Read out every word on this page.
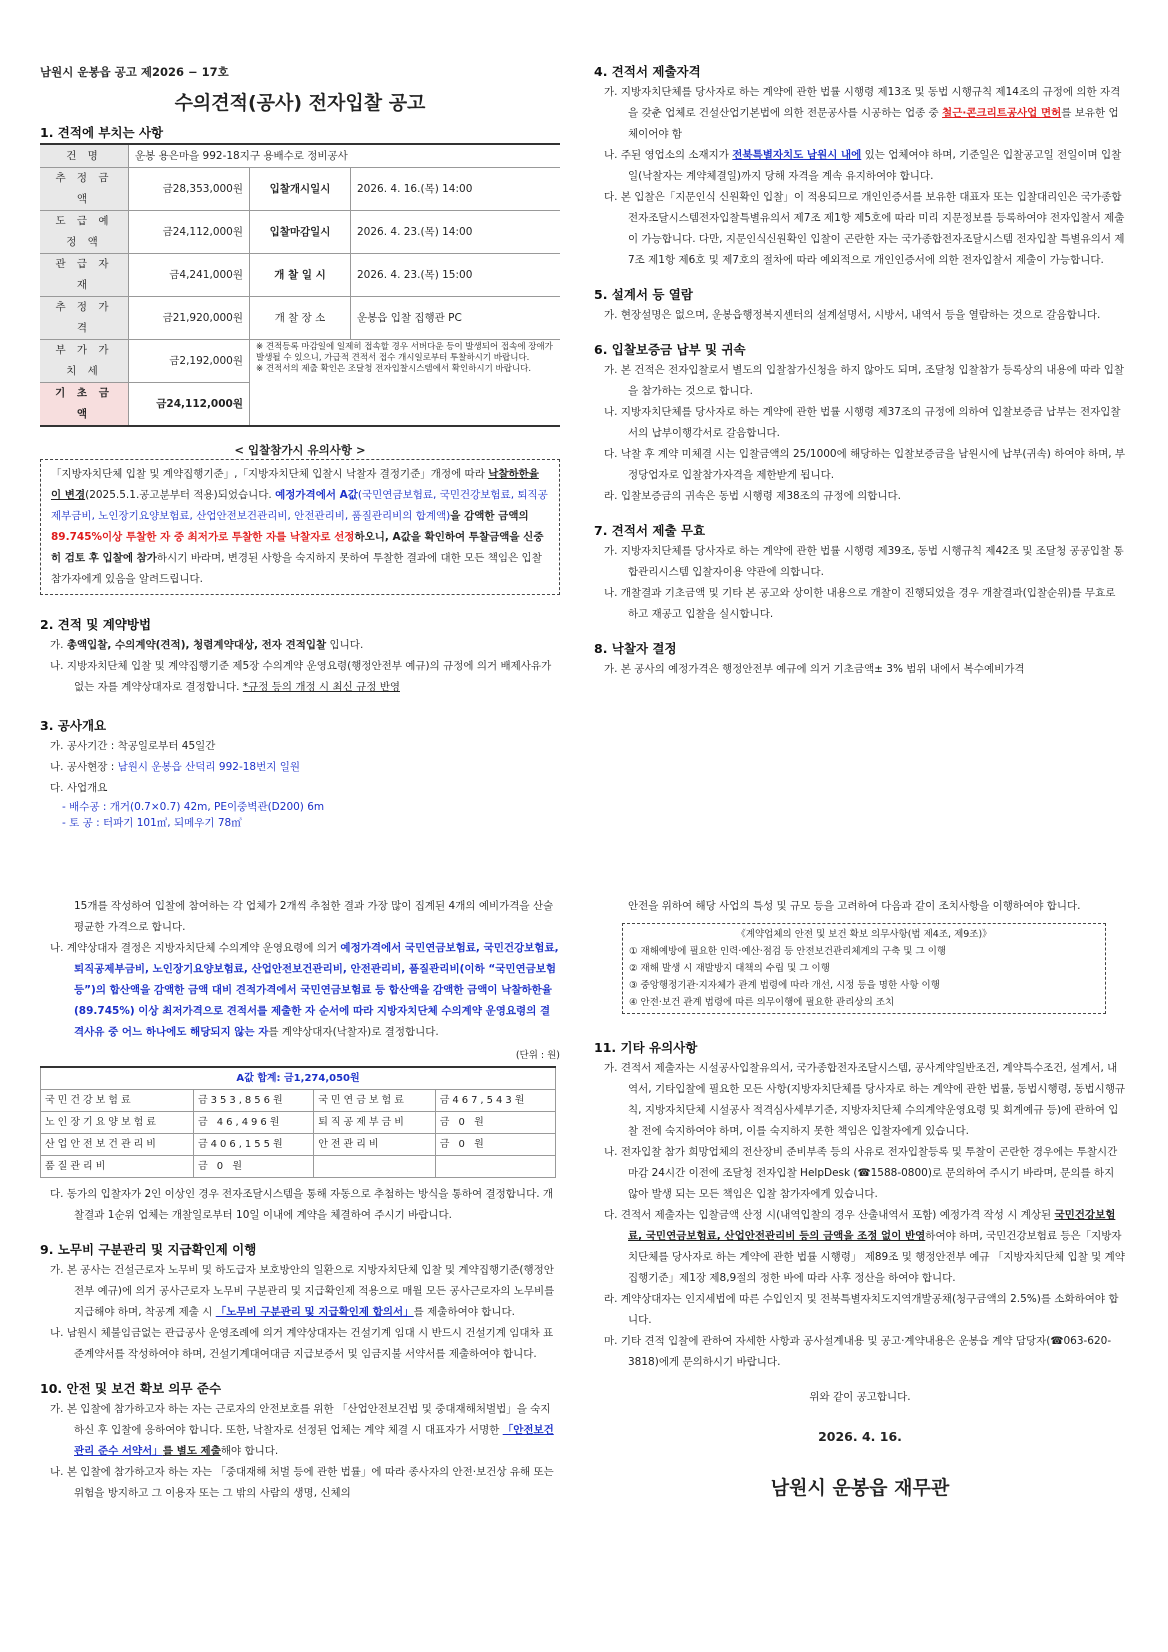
남원시 운봉읍 공고 제2026 − 17호
수의견적(공사) 전자입찰 공고
1. 견적에 부치는 사항
건 명	운봉 용은마을 992-18지구 용배수로 정비공사		
추 정 금 액	금28,353,000원	입찰개시일시	2026. 4. 16.(목) 14:00
도 급 예 정 액	금24,112,000원	입찰마감일시	2026. 4. 23.(목) 14:00
관 급 자 재	금4,241,000원	개 찰 일 시	2026. 4. 23.(목) 15:00
추 정 가 격	금21,920,000원	개 찰 장 소	운봉읍 입찰 집행관 PC
부 가 가 치 세	금2,192,000원	※ 견적등록 마감일에 일제히 접속할 경우 서버다운 등이 발생되어 접속에 장애가 발생될 수 있으니, 가급적 견적서 접수 개시일로부터 투찰하시기 바랍니다.
※ 견적서의 제출 확인은 조달청 전자입찰시스템에서 확인하시기 바랍니다.	

기 초 금 액	금24,112,000원		
< 입찰참가시 유의사항 >
「지방자치단체 입찰 및 계약집행기준」,「지방자치단체 입찰시 낙찰자 결정기준」개정에 따라 낙찰하한율이 변경(2025.5.1.공고분부터 적용)되었습니다. 예정가격에서 A값(국민연금보험료, 국민건강보험료, 퇴직공제부금비, 노인장기요양보험료, 산업안전보건관리비, 안전관리비, 품질관리비의 합계액)을 감액한 금액의 89.745%이상 투찰한 자 중 최저가로 투찰한 자를 낙찰자로 선정하오니, A값을 확인하여 투찰금액을 신중히 검토 후 입찰에 참가하시기 바라며, 변경된 사항을 숙지하지 못하여 투찰한 결과에 대한 모든 책임은 입찰참가자에게 있음을 알려드립니다.
2. 견적 및 계약방법

가. 총액입찰, 수의계약(견적), 청렴계약대상, 전자 견적입찰 입니다.

나. 지방자치단체 입찰 및 계약집행기준 제5장 수의계약 운영요령(행정안전부 예규)의 규정에 의거 배제사유가 없는 자를 계약상대자로 결정합니다. *규정 등의 개정 시 최신 규정 반영

3. 공사개요

가. 공사기간 : 착공일로부터 45일간

나. 공사현장 : 남원시 운봉읍 산덕리 992-18번지 일원

다. 사업개요

- 배수공 : 개거(0.7×0.7) 42m, PE이중벽관(D200) 6m

- 토 공 : 터파기 101㎥, 되메우기 78㎥

4. 견적서 제출자격

가. 지방자치단체를 당사자로 하는 계약에 관한 법률 시행령 제13조 및 동법 시행규칙 제14조의 규정에 의한 자격을 갖춘 업체로 건설산업기본법에 의한 전문공사를 시공하는 업종 중 철근·콘크리트공사업 면허를 보유한 업체이어야 함

나. 주된 영업소의 소재지가 전북특별자치도 남원시 내에 있는 업체여야 하며, 기준일은 입찰공고일 전일이며 입찰일(낙찰자는 계약체결일)까지 당해 자격을 계속 유지하여야 합니다.

다. 본 입찰은「지문인식 신원확인 입찰」이 적용되므로 개인인증서를 보유한 대표자 또는 입찰대리인은 국가종합전자조달시스템전자입찰특별유의서 제7조 제1항 제5호에 따라 미리 지문정보를 등록하여야 전자입찰서 제출이 가능합니다. 다만, 지문인식신원확인 입찰이 곤란한 자는 국가종합전자조달시스템 전자입찰 특별유의서 제7조 제1항 제6호 및 제7호의 절차에 따라 예외적으로 개인인증서에 의한 전자입찰서 제출이 가능합니다.

5. 설계서 등 열람

가. 현장설명은 없으며, 운봉읍행정복지센터의 설계설명서, 시방서, 내역서 등을 열람하는 것으로 갈음합니다.

6. 입찰보증금 납부 및 귀속

가. 본 건적은 전자입찰로서 별도의 입찰참가신청을 하지 않아도 되며, 조달청 입찰참가 등록상의 내용에 따라 입찰을 참가하는 것으로 합니다.

나. 지방자치단체를 당사자로 하는 계약에 관한 법률 시행령 제37조의 규정에 의하여 입찰보증금 납부는 전자입찰서의 납부이행각서로 갈음합니다.

다. 낙찰 후 계약 미체결 시는 입찰금액의 25/1000에 해당하는 입찰보증금을 남원시에 납부(귀속) 하여야 하며, 부정당업자로 입찰참가자격을 제한받게 됩니다.

라. 입찰보증금의 귀속은 동법 시행령 제38조의 규정에 의합니다.

7. 견적서 제출 무효

가. 지방자치단체를 당사자로 하는 계약에 관한 법률 시행령 제39조, 동법 시행규칙 제42조 및 조달청 공공입찰 통합관리시스템 입찰자이용 약관에 의합니다.

나. 개찰결과 기초금액 및 기타 본 공고와 상이한 내용으로 개찰이 진행되었을 경우 개찰결과(입찰순위)를 무효로 하고 재공고 입찰을 실시합니다.

8. 낙찰자 결정

가. 본 공사의 예정가격은 행정안전부 예규에 의거 기초금액± 3% 범위 내에서 복수예비가격

15개를 작성하여 입찰에 참여하는 각 업체가 2개씩 추첨한 결과 가장 많이 집계된 4개의 예비가격을 산술 평균한 가격으로 합니다.

나. 계약상대자 결정은 지방자치단체 수의계약 운영요령에 의거 예정가격에서 국민연금보험료, 국민건강보험료, 퇴직공제부금비, 노인장기요양보험료, 산업안전보건관리비, 안전관리비, 품질관리비(이하 “국민연금보험 등”)의 합산액을 감액한 금액 대비 견적가격에서 국민연금보험료 등 합산액을 감액한 금액이 낙찰하한율(89.745%) 이상 최저가격으로 견적서를 제출한 자 순서에 따라 지방자치단체 수의계약 운영요령의 결격사유 중 어느 하나에도 해당되지 않는 자를 계약상대자(낙찰자)로 결정합니다.

(단위 : 원)
A값 합계: 금1,274,050원			
국민건강보험료	금353,856원	국민연금보험료	금467,543원
노인장기요양보험료	금 46,496원	퇴직공제부금비	금 0 원
산업안전보건관리비	금406,155원	안전관리비	금 0 원
품질관리비	금 0 원		

다. 동가의 입찰자가 2인 이상인 경우 전자조달시스템을 통해 자동으로 추첨하는 방식을 통하여 결정합니다. 개찰결과 1순위 업체는 개찰일로부터 10일 이내에 계약을 체결하여 주시기 바랍니다.

9. 노무비 구분관리 및 지급확인제 이행

가. 본 공사는 건설근로자 노무비 및 하도급자 보호방안의 일환으로 지방자치단체 입찰 및 계약집행기준(행정안전부 예규)에 의거 공사근로자 노무비 구분관리 및 지급확인제 적용으로 매월 모든 공사근로자의 노무비를 지급해야 하며, 착공계 제출 시 「노무비 구분관리 및 지급확인제 합의서」를 제출하여야 합니다.

나. 남원시 체불임금없는 관급공사 운영조례에 의거 계약상대자는 건설기계 임대 시 반드시 건설기계 임대차 표준계약서를 작성하여야 하며, 건설기계대여대금 지급보증서 및 임금지불 서약서를 제출하여야 합니다.

10. 안전 및 보건 확보 의무 준수

가. 본 입찰에 참가하고자 하는 자는 근로자의 안전보호를 위한 「산업안전보건법 및 중대재해처벌법」을 숙지하신 후 입찰에 응하여야 합니다. 또한, 낙찰자로 선정된 업체는 계약 체결 시 대표자가 서명한 「안전보건관리 준수 서약서」를 별도 제출해야 합니다.

나. 본 입찰에 참가하고자 하는 자는 「중대재해 처벌 등에 관한 법률」에 따라 종사자의 안전·보건상 유해 또는 위험을 방지하고 그 이용자 또는 그 밖의 사람의 생명, 신체의

안전을 위하여 해당 사업의 특성 및 규모 등을 고려하여 다음과 같이 조치사항을 이행하여야 합니다.

《계약업체의 안전 및 보건 확보 의무사항(법 제4조, 제9조)》
① 재해예방에 필요한 인력·예산·점검 등 안전보건관리체계의 구축 및 그 이행
② 재해 발생 시 재발방지 대책의 수립 및 그 이행
③ 중앙행정기관·지자체가 관계 법령에 따라 개선, 시정 등을 명한 사항 이행
④ 안전·보건 관계 법령에 따른 의무이행에 필요한 관리상의 조치
11. 기타 유의사항

가. 견적서 제출자는 시설공사입찰유의서, 국가종합전자조달시스템, 공사계약일반조건, 계약특수조건, 설계서, 내역서, 기타입찰에 필요한 모든 사항(지방자치단체를 당사자로 하는 계약에 관한 법률, 동법시행령, 동법시행규칙, 지방자치단체 시설공사 적격심사세부기준, 지방자치단체 수의계약운영요령 및 회계예규 등)에 관하여 입찰 전에 숙지하여야 하며, 이를 숙지하지 못한 책임은 입찰자에게 있습니다.

나. 전자입찰 참가 희망업체의 전산장비 준비부족 등의 사유로 전자입찰등록 및 투찰이 곤란한 경우에는 투찰시간 마감 24시간 이전에 조달청 전자입찰 HelpDesk (☎1588-0800)로 문의하여 주시기 바라며, 문의를 하지 않아 발생 되는 모든 책임은 입찰 참가자에게 있습니다.

다. 견적서 제출자는 입찰금액 산정 시(내역입찰의 경우 산출내역서 포함) 예정가격 작성 시 계상된 국민건강보험료, 국민연금보험료, 산업안전관리비 등의 금액을 조정 없이 반영하여야 하며, 국민건강보험료 등은「지방자치단체를 당사자로 하는 계약에 관한 법률 시행령」 제89조 및 행정안전부 예규 「지방자치단체 입찰 및 계약 집행기준」제1장 제8,9절의 정한 바에 따라 사후 정산을 하여야 합니다.

라. 계약상대자는 인지세법에 따른 수입인지 및 전북특별자치도지역개발공채(청구금액의 2.5%)를 소화하여야 합니다.

마. 기타 견적 입찰에 관하여 자세한 사항과 공사설계내용 및 공고·계약내용은 운봉읍 계약 담당자(☎063-620-3818)에게 문의하시기 바랍니다.

위와 같이 공고합니다.
2026. 4. 16.
남원시 운봉읍 재무관
